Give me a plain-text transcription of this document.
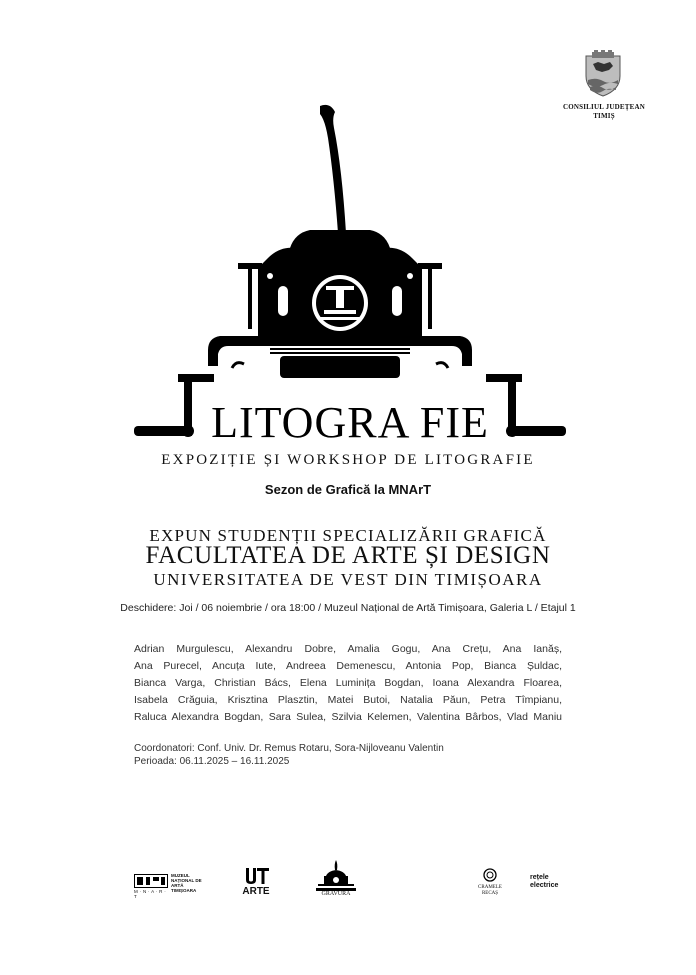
CONSILIUL JUDEȚEAN
TIMIȘ
LITOGRA FIE
EXPOZIȚIE ȘI WORKSHOP DE LITOGRAFIE
Sezon de Grafică la MNArT
EXPUN STUDENȚII SPECIALIZĂRII GRAFICĂ
FACULTATEA DE ARTE ȘI DESIGN
UNIVERSITATEA DE VEST DIN TIMIȘOARA
Deschidere: Joi / 06 noiembrie / ora 18:00 / Muzeul Național de Artă Timișoara, Galeria L / Etajul 1
Adrian Murgulescu, Alexandru Dobre, Amalia Gogu, Ana Crețu, Ana Ianăș,
Ana Purecel, Ancuța Iute, Andreea Demenescu, Antonia Pop, Bianca Șuldac,
Bianca Varga, Christian Bács, Elena Luminița Bogdan, Ioana Alexandra Floarea,
Isabela Crăguia, Krisztina Plasztin, Matei Butoi, Natalia Păun, Petra Tîmpianu,
Raluca Alexandra Bogdan, Sara Sulea, Szilvia Kelemen, Valentina Bârbos, Vlad Maniu
Coordonatori: Conf. Univ. Dr. Remus Rotaru, Sora-Nijloveanu Valentin
Perioada: 06.11.2025 – 16.11.2025
MUZEUL NAȚIONAL DE ARTĂ TIMIȘOARA
M · N · A · R · T	ARTE	GRAVURA
CRAMELE RECAȘ
rețele electrice
